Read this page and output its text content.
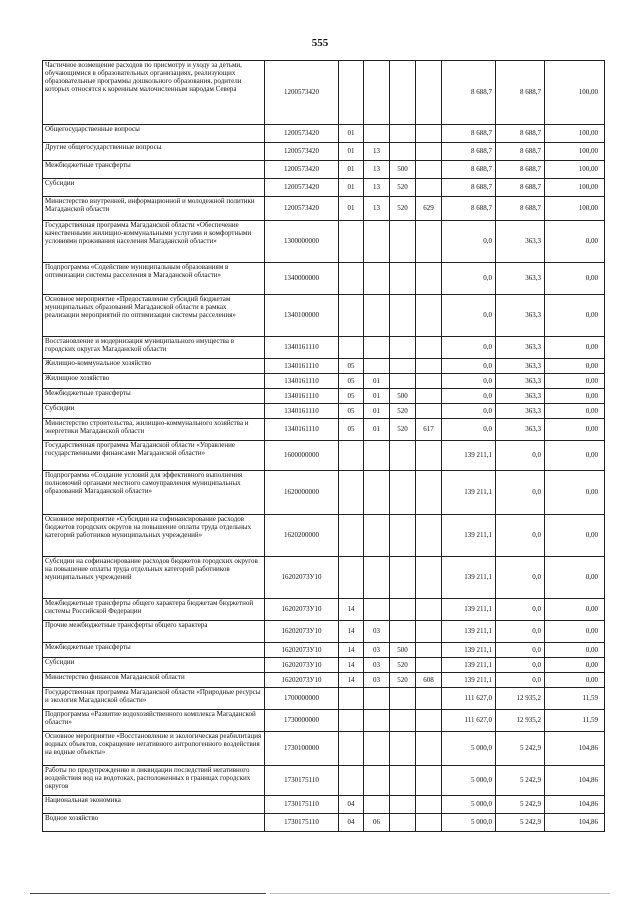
555
Частичное возмещение расходов по присмотру и уходу за детьми, обучающимися в образовательных организациях, реализующих образовательные программы дошкольного образования, родители которых относятся к коренным малочисленным народам Севера	1200573420					8 688,7	8 688,7	100,00
Общегосударственные вопросы	1200573420	01				8 688,7	8 688,7	100,00
Другие общегосударственные вопросы	1200573420	01	13			8 688,7	8 688,7	100,00
Межбюджетные трансферты	1200573420	01	13	500		8 688,7	8 688,7	100,00
Субсидии	1200573420	01	13	520		8 688,7	8 688,7	100,00
Министерство внутренней, информационной и молодежной политики Магаданской области	1200573420	01	13	520	629	8 688,7	8 688,7	100,00
Государственная программа Магаданской области «Обеспечение качественными жилищно-коммунальными услугами и комфортными условиями проживания населения Магаданской области»	1300000000					0,0	363,3	0,00
Подпрограмма «Содействие муниципальным образованиям в оптимизации системы расселения в Магаданской области»	1340000000					0,0	363,3	0,00
Основное мероприятие «Предоставление субсидий бюджетам муниципальных образований Магаданской области в рамках реализации мероприятий по оптимизации системы расселения»	1340100000					0,0	363,3	0,00
Восстановление и модернизация муниципального имущества в городских округах Магаданской области	1340161110					0,0	363,3	0,00
Жилищно-коммунальное хозяйство	1340161110	05				0,0	363,3	0,00
Жилищное хозяйство	1340161110	05	01			0,0	363,3	0,00
Межбюджетные трансферты	1340161110	05	01	500		0,0	363,3	0,00
Субсидии	1340161110	05	01	520		0,0	363,3	0,00
Министерство строительства, жилищно-коммунального хозяйства и энергетики Магаданской области	1340161110	05	01	520	617	0,0	363,3	0,00
Государственная программа Магаданской области «Управление государственными финансами Магаданской области»	1600000000					139 211,1	0,0	0,00
Подпрограмма «Создание условий для эффективного выполнения полномочий органами местного самоуправления муниципальных образований Магаданской области»	1620000000					139 211,1	0,0	0,00
Основное мероприятие «Субсидии на софинансирование расходов бюджетов городских округов на повышение оплаты труда отдельных категорий работников муниципальных учреждений»	1620200000					139 211,1	0,0	0,00
Субсидии на софинансирование расходов бюджетов городских округов на повышение оплаты труда отдельных категорий работников муниципальных учреждений	16202073У10					139 211,1	0,0	0,00
Межбюджетные трансферты общего характера бюджетам бюджетной системы Российской Федерации	16202073У10	14				139 211,1	0,0	0,00
Прочие межбюджетные трансферты общего характера	16202073У10	14	03			139 211,1	0,0	0,00
Межбюджетные трансферты	16202073У10	14	03	500		139 211,1	0,0	0,00
Субсидии	16202073У10	14	03	520		139 211,1	0,0	0,00
Министерство финансов Магаданской области	16202073У10	14	03	520	608	139 211,1	0,0	0,00
Государственная программа Магаданской области «Природные ресурсы и экология Магаданской области»	1700000000					111 627,0	12 935,2	11,59
Подпрограмма «Развитие водохозяйственного комплекса Магаданской области»	1730000000					111 627,0	12 935,2	11,59
Основное мероприятие «Восстановление и экологическая реабилитация водных объектов, сокращение негативного антропогенного воздействия на водные объекты»	1730100000					5 000,0	5 242,9	104,86
Работы по предупреждению и ликвидации последствий негативного воздействия вод на водотоках, расположенных в границах городских округов	1730175110					5 000,0	5 242,9	104,86
Национальная экономика	1730175110	04				5 000,0	5 242,9	104,86
Водное хозяйство	1730175110	04	06			5 000,0	5 242,9	104,86
